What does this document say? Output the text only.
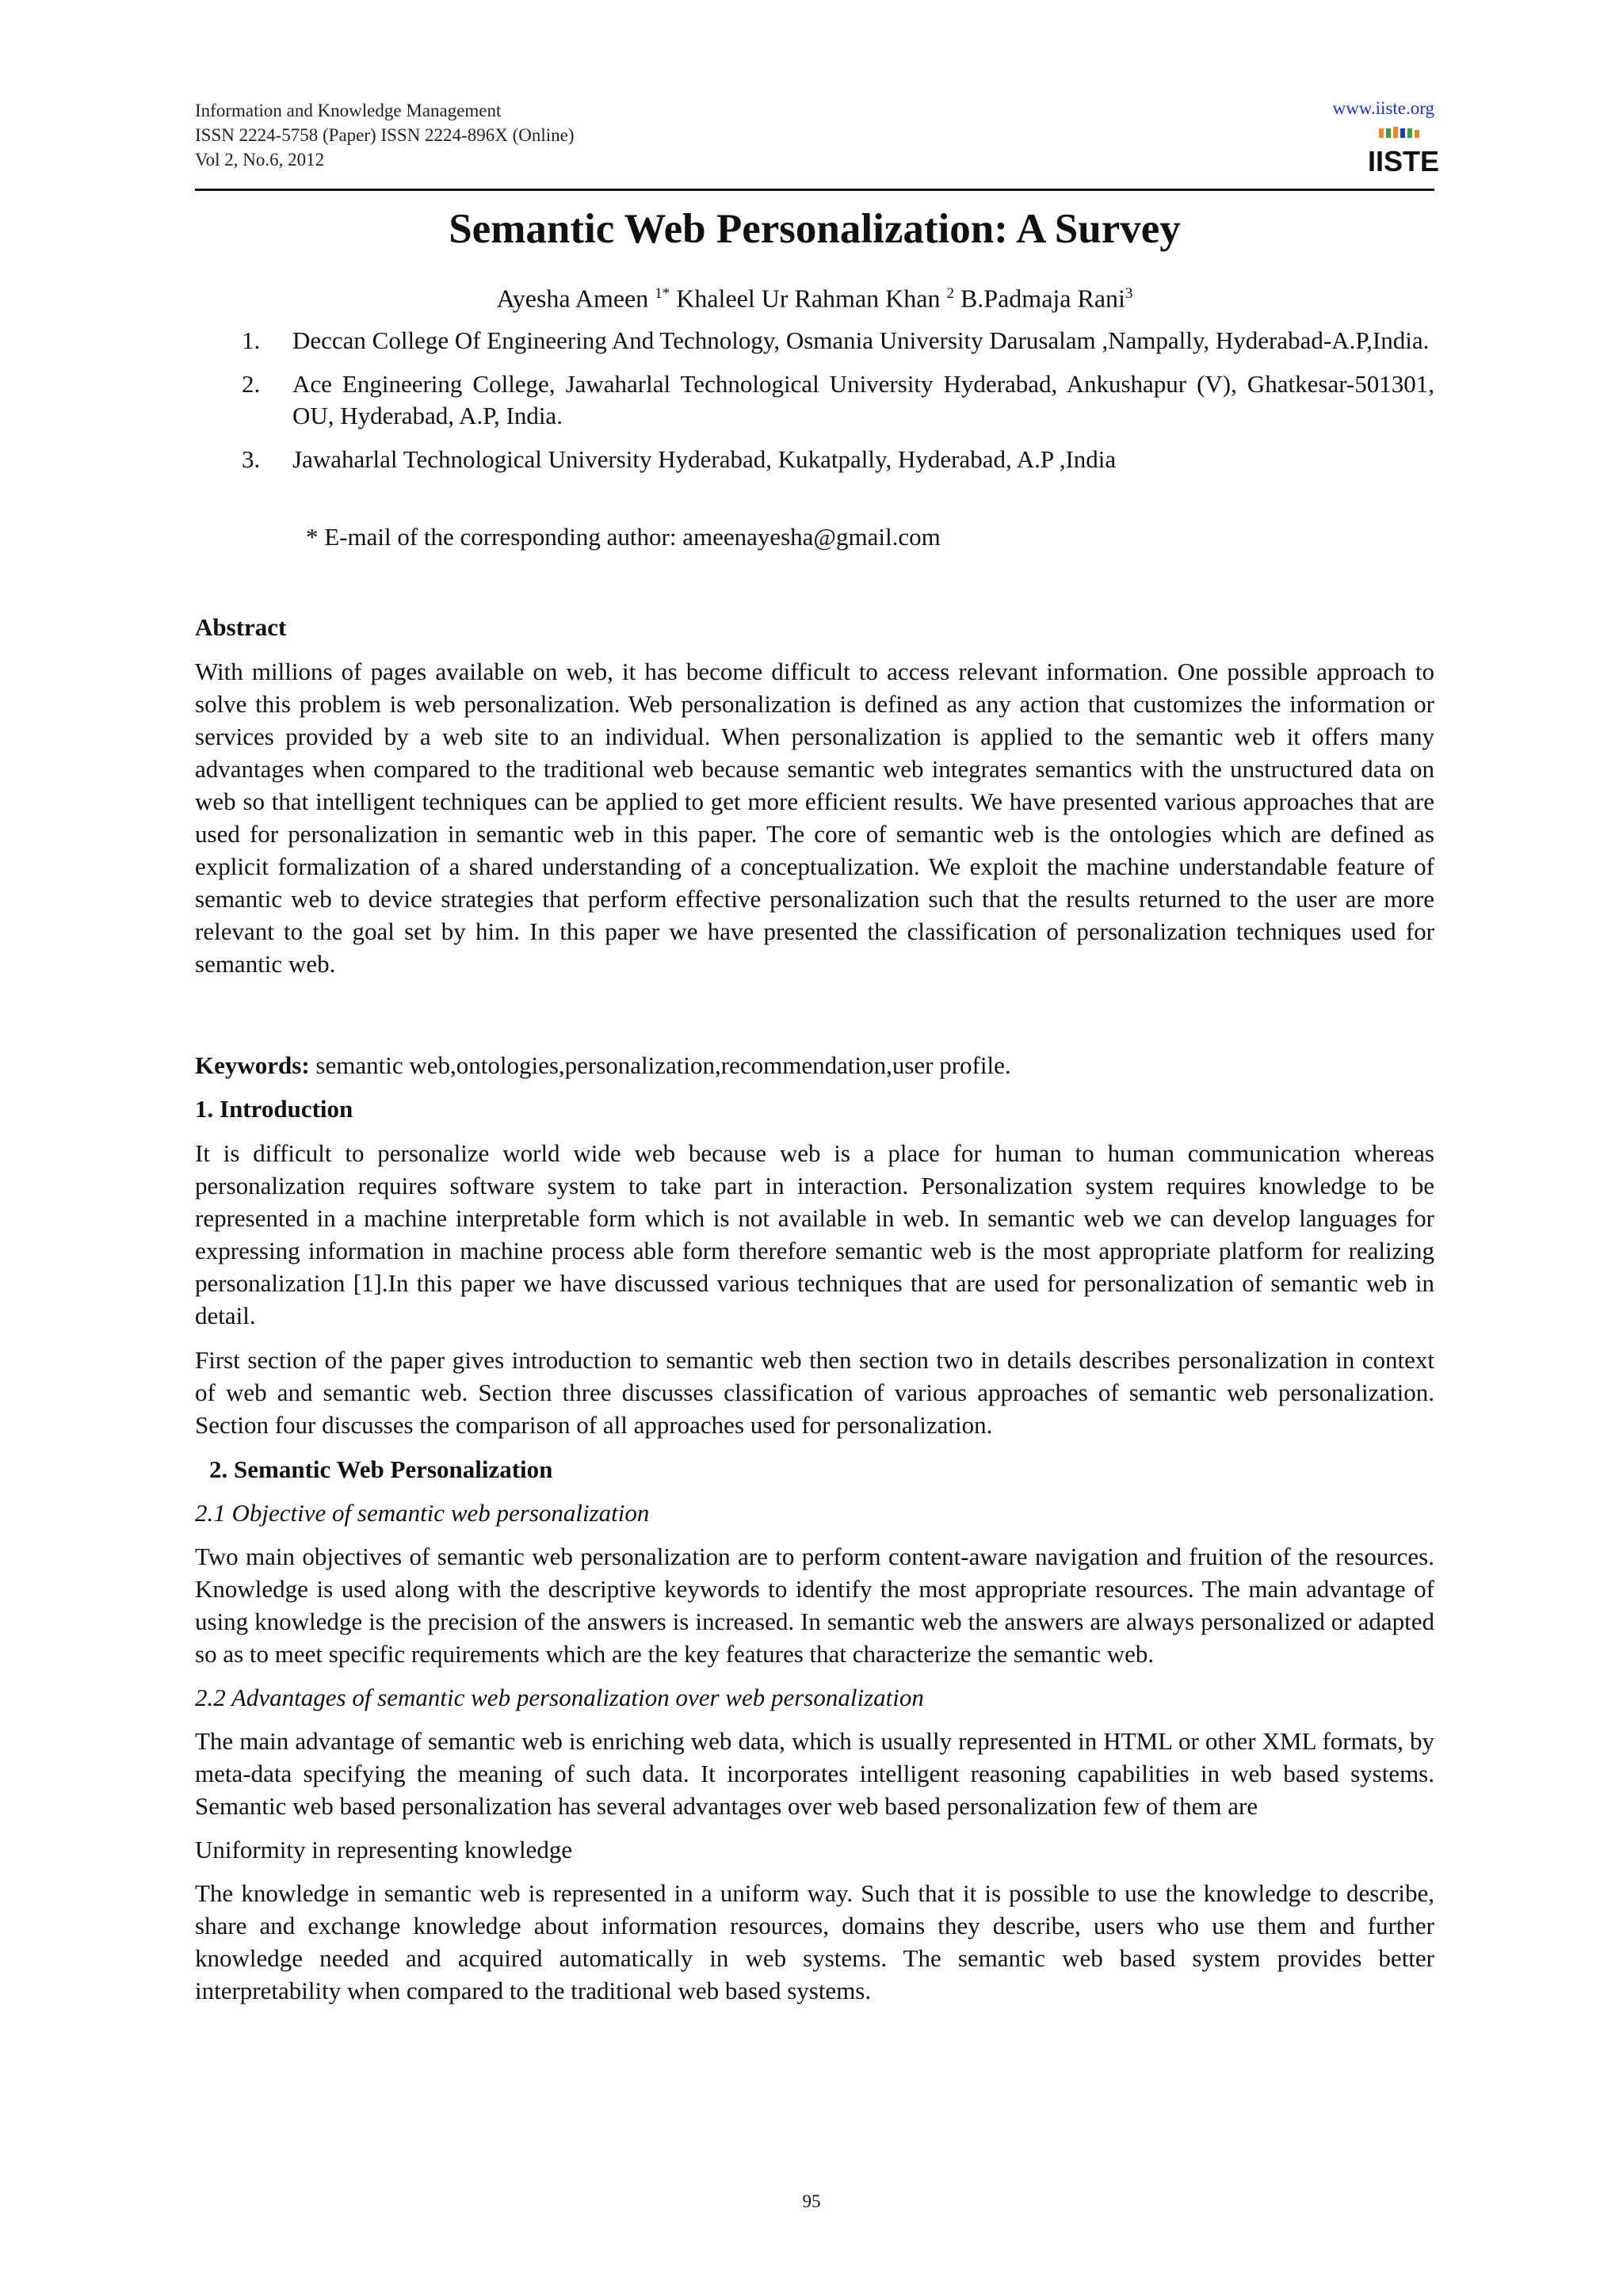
Information and Knowledge Management
ISSN 2224-5758 (Paper) ISSN 2224-896X (Online)
Vol 2, No.6, 2012
www.iiste.org
IISTE
Semantic Web Personalization: A Survey
Ayesha Ameen $^{1*}$ Khaleel Ur Rahman Khan $^2$ B.Padmaja Rani$^3$
1. Deccan College Of Engineering And Technology, Osmania University Darusalam ,Nampally, Hyderabad-A.P,India.
2. Ace Engineering College, Jawaharlal Technological University Hyderabad, Ankushapur (V), Ghatkesar-501301, OU, Hyderabad, A.P, India.
3. Jawaharlal Technological University Hyderabad, Kukatpally, Hyderabad, A.P ,India
* E-mail of the corresponding author: ameenayesha@gmail.com

Abstract

With millions of pages available on web, it has become difficult to access relevant information. One possible approach to solve this problem is web personalization. Web personalization is defined as any action that customizes the information or services provided by a web site to an individual. When personalization is applied to the semantic web it offers many advantages when compared to the traditional web because semantic web integrates semantics with the unstructured data on web so that intelligent techniques can be applied to get more efficient results. We have presented various approaches that are used for personalization in semantic web in this paper. The core of semantic web is the ontologies which are defined as explicit formalization of a shared understanding of a conceptualization. We exploit the machine understandable feature of semantic web to device strategies that perform effective personalization such that the results returned to the user are more relevant to the goal set by him. In this paper we have presented the classification of personalization techniques used for semantic web.

Keywords: semantic web,ontologies,personalization,recommendation,user profile.

1. Introduction

It is difficult to personalize world wide web because web is a place for human to human communication whereas personalization requires software system to take part in interaction. Personalization system requires knowledge to be represented in a machine interpretable form which is not available in web. In semantic web we can develop languages for expressing information in machine process able form therefore semantic web is the most appropriate platform for realizing personalization [1].In this paper we have discussed various techniques that are used for personalization of semantic web in detail.

First section of the paper gives introduction to semantic web then section two in details describes personalization in context of web and semantic web. Section three discusses classification of various approaches of semantic web personalization. Section four discusses the comparison of all approaches used for personalization.

2. Semantic Web Personalization

2.1 Objective of semantic web personalization

Two main objectives of semantic web personalization are to perform content-aware navigation and fruition of the resources. Knowledge is used along with the descriptive keywords to identify the most appropriate resources. The main advantage of using knowledge is the precision of the answers is increased. In semantic web the answers are always personalized or adapted so as to meet specific requirements which are the key features that characterize the semantic web.

2.2 Advantages of semantic web personalization over web personalization

The main advantage of semantic web is enriching web data, which is usually represented in HTML or other XML formats, by meta-data specifying the meaning of such data. It incorporates intelligent reasoning capabilities in web based systems. Semantic web based personalization has several advantages over web based personalization few of them are

Uniformity in representing knowledge

The knowledge in semantic web is represented in a uniform way. Such that it is possible to use the knowledge to describe, share and exchange knowledge about information resources, domains they describe, users who use them and further knowledge needed and acquired automatically in web systems. The semantic web based system provides better interpretability when compared to the traditional web based systems.

95
